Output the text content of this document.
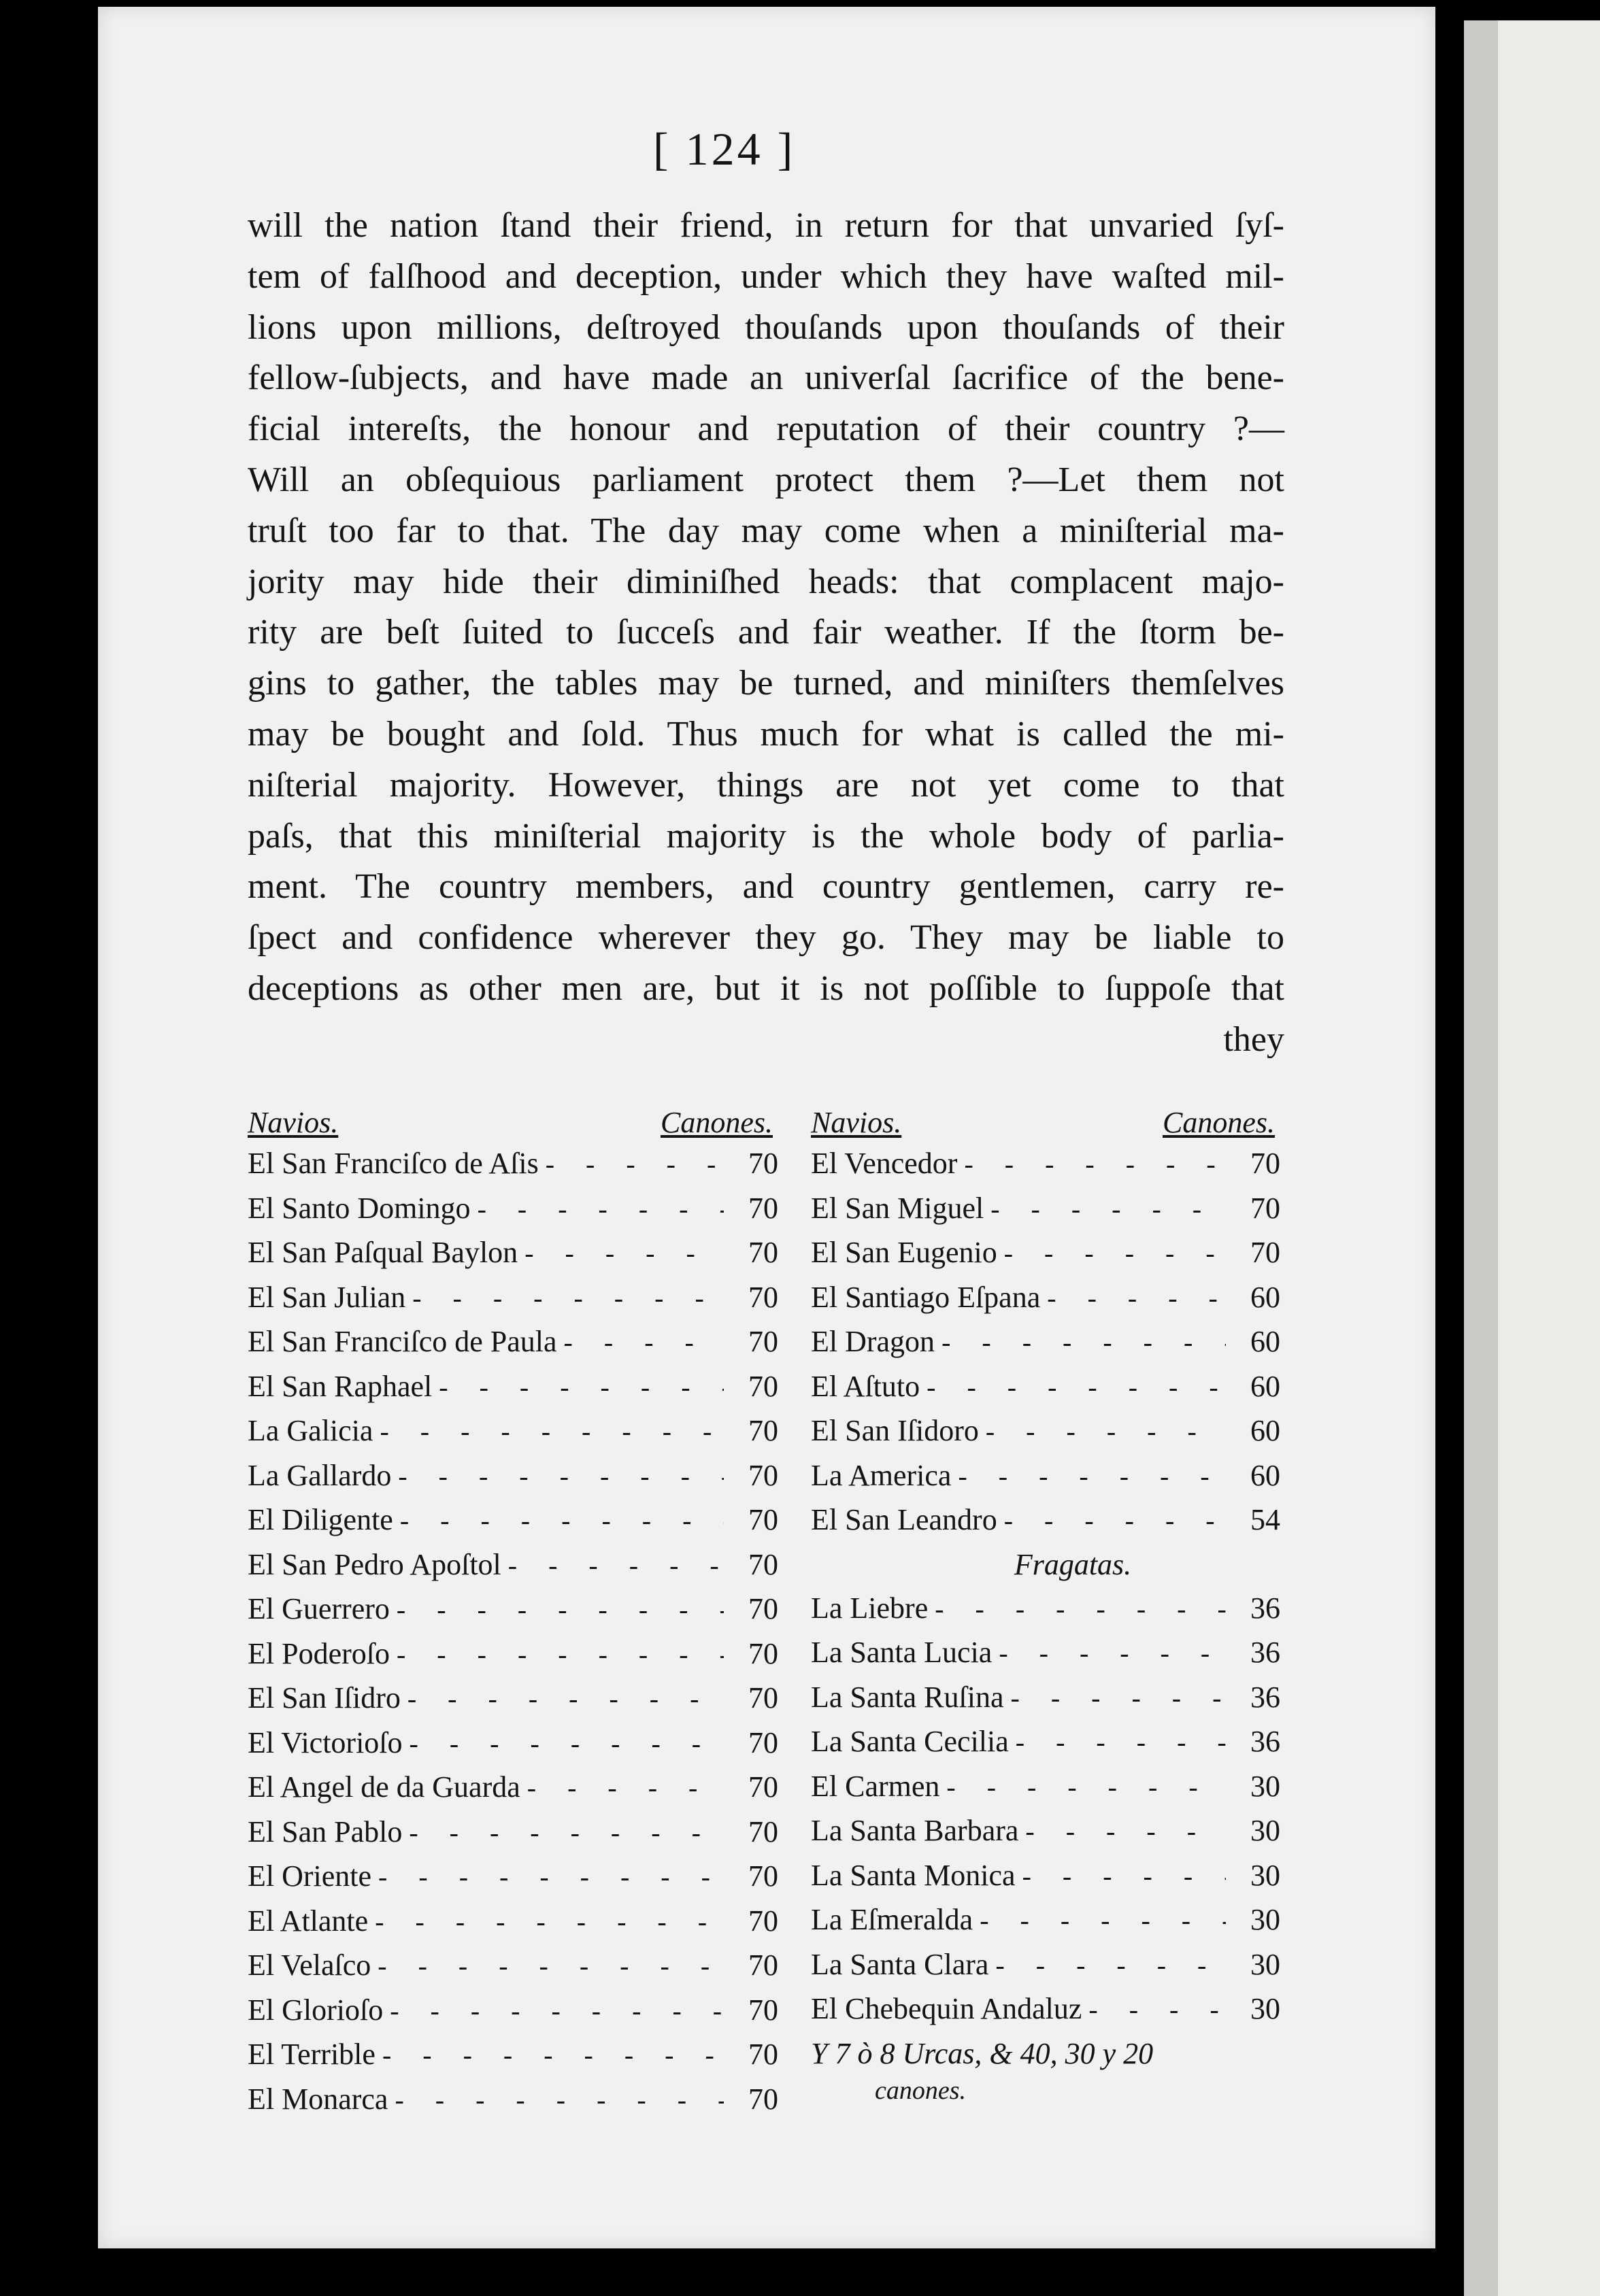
[ 124 ]
will the nation ſtand their friend, in return for that unvaried ſyſ-
tem of falſhood and deception, under which they have waſted mil-
lions upon millions, deſtroyed thouſands upon thouſands of their
fellow-ſubjects, and have made an univerſal ſacrifice of the bene-
ficial intereſts, the honour and reputation of their country ?—
Will an obſequious parliament protect them ?—Let them not
truſt too far to that. The day may come when a miniſterial ma-
jority may hide their diminiſhed heads: that complacent majo-
rity are beſt ſuited to ſucceſs and fair weather. If the ſtorm be-
gins to gather, the tables may be turned, and miniſters themſelves
may be bought and ſold. Thus much for what is called the mi-
niſterial majority. However, things are not yet come to that
paſs, that this miniſterial majority is the whole body of parlia-
ment. The country members, and country gentlemen, carry re-
ſpect and confidence wherever they go. They may be liable to
deceptions as other men are, but it is not poſſible to ſuppoſe that
they
Navios.	Canones.
El San Franciſco de Aſis - - -	70
El Santo Domingo - - -	70
El San Paſqual Baylon - - -	70
El San Julian - - -	70
El San Franciſco de Paula - - -	70
El San Raphael - - -	70
La Galicia - - -	70
La Gallardo - - -	70
El Diligente - - -	70
El San Pedro Apoſtol - - -	70
El Guerrero - - -	70
El Poderoſo - - -	70
El San Iſidro - - -	70
El Victorioſo - - -	70
El Angel de da Guarda - - -	70
El San Pablo - - -	70
El Oriente - - -	70
El Atlante - - -	70
El Velaſco - - -	70
El Glorioſo - - -	70
El Terrible - - -	70
El Monarca - - -	70
Navios.	Canones.
El Vencedor - - -	70
El San Miguel - - -	70
El San Eugenio - - -	70
El Santiago Eſpana - - -	60
El Dragon - - -	60
El Aſtuto - - -	60
El San Iſidoro - - -	60
La America - - -	60
El San Leandro - - -	54
Fragatas.
La Liebre - - -	36
La Santa Lucia - - -	36
La Santa Ruſina - - -	36
La Santa Cecilia - - -	36
El Carmen - - -	30
La Santa Barbara - - -	30
La Santa Monica - - -	30
La Eſmeralda - - -	30
La Santa Clara - - -	30
El Chebequin Andaluz - - -	30
Y 7 ò 8 Urcas, & 40, 30 y 20
canones.
